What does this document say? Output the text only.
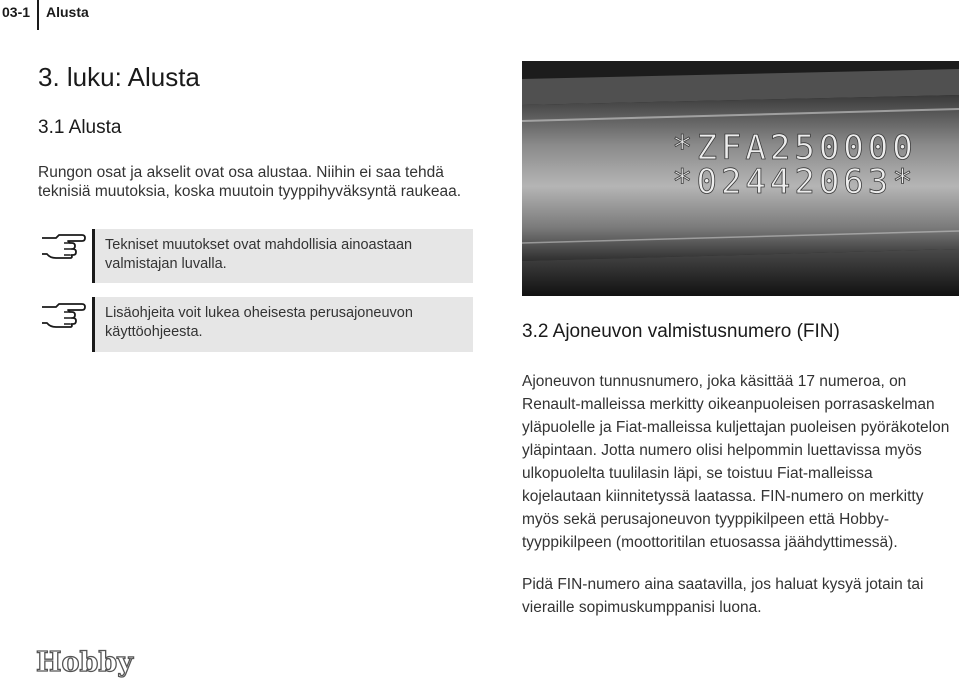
03-1 Alusta
3. luku: Alusta
3.1 Alusta

Rungon osat ja akselit ovat osa alustaa. Niihin ei saa tehdä teknisiä muutoksia, koska muutoin tyyppihyväksyntä raukeaa.

Tekniset muutokset ovat mahdollisia ainoastaan valmistajan luvalla.

Lisäohjeita voit lukea oheisesta perusajoneuvon käyttöohjeesta.

*ZFA250000
*02442063*
3.2 Ajoneuvon valmistusnumero (FIN)

Ajoneuvon tunnusnumero, joka käsittää 17 numeroa, on Renault-malleissa merkitty oikeanpuoleisen porrasaskelman yläpuolelle ja Fiat-malleissa kuljettajan puoleisen pyöräkotelon yläpintaan. Jotta numero olisi helpommin luettavissa myös ulkopuolelta tuulilasin läpi, se toistuu Fiat-malleissa kojelautaan kiinnitetyssä laatassa. FIN-numero on merkitty myös sekä perusajoneuvon tyyppikilpeen että Hobby-tyyppikilpeen (moottoritilan etuosassa jäähdyttimessä).

Pidä FIN-numero aina saatavilla, jos haluat kysyä jotain tai vieraille sopimuskumppanisi luona.

Hobby
